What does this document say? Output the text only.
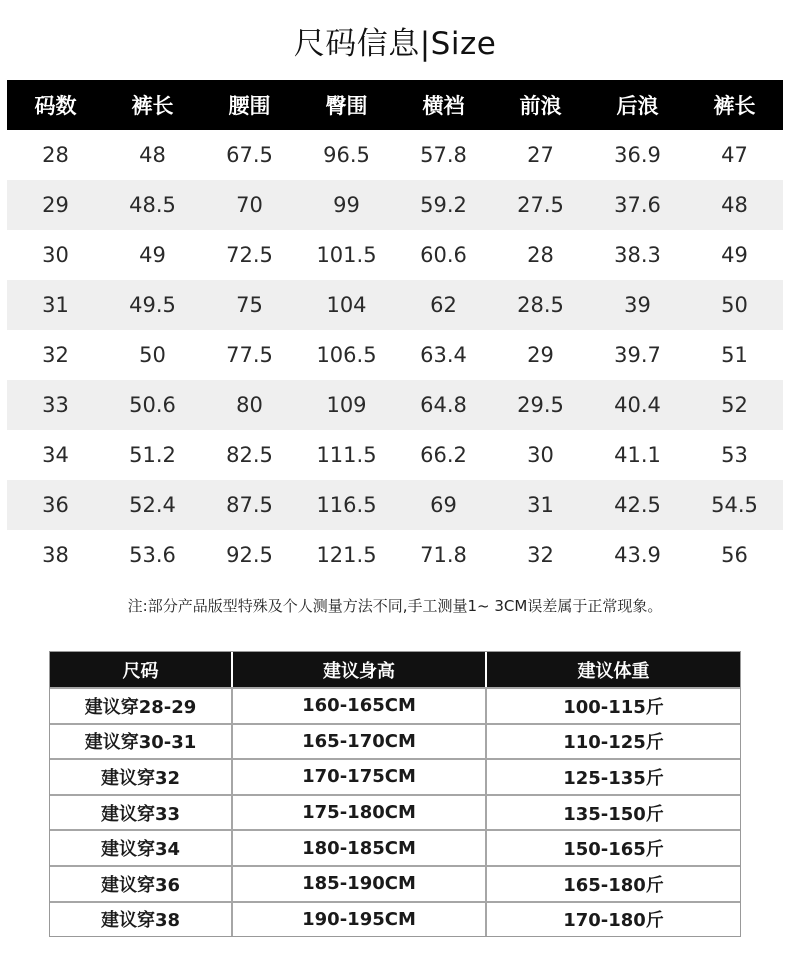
尺码信息|Size
码数	裤长	腰围	臀围	横裆	前浪	后浪	裤长
28	48	67.5	96.5	57.8	27	36.9	47
29	48.5	70	99	59.2	27.5	37.6	48
30	49	72.5	101.5	60.6	28	38.3	49
31	49.5	75	104	62	28.5	39	50
32	50	77.5	106.5	63.4	29	39.7	51
33	50.6	80	109	64.8	29.5	40.4	52
34	51.2	82.5	111.5	66.2	30	41.1	53
36	52.4	87.5	116.5	69	31	42.5	54.5
38	53.6	92.5	121.5	71.8	32	43.9	56
注:部分产品版型特殊及个人测量方法不同,手工测量1~ 3CM误差属于正常现象。
尺码	建议身高	建议体重
建议穿28-29	160-165CM	100-115斤
建议穿30-31	165-170CM	110-125斤
建议穿32	170-175CM	125-135斤
建议穿33	175-180CM	135-150斤
建议穿34	180-185CM	150-165斤
建议穿36	185-190CM	165-180斤
建议穿38	190-195CM	170-180斤
